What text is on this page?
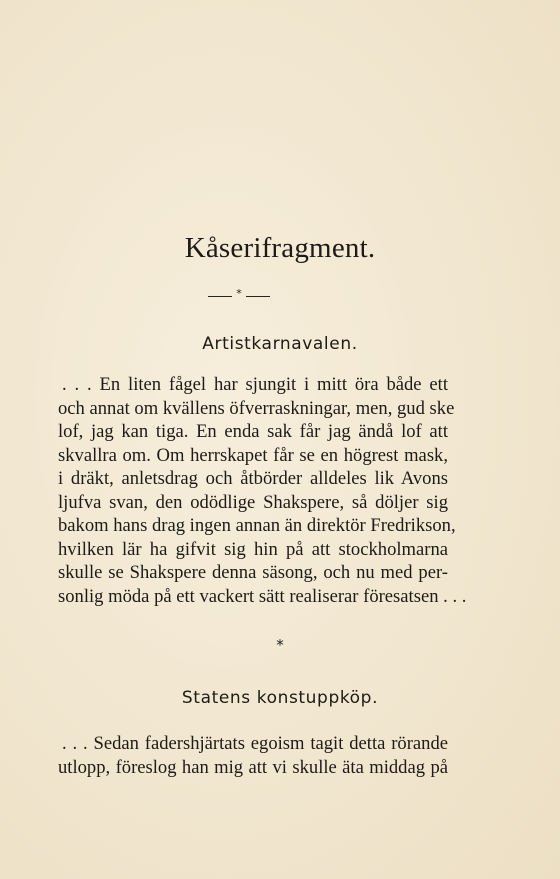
Kåserifragment.
*
Artistkarnavalen.
. . . En liten fågel har sjungit i mitt öra både ett
och annat om kvällens öfverraskningar, men, gud ske
lof, jag kan tiga. En enda sak får jag ändå lof att
skvallra om. Om herrskapet får se en högrest mask,
i dräkt, anletsdrag och åtbörder alldeles lik Avons
ljufva svan, den odödlige Shakspere, så döljer sig
bakom hans drag ingen annan än direktör Fredrikson,
hvilken lär ha gifvit sig hin på att stockholmarna
skulle se Shakspere denna säsong, och nu med per-
sonlig möda på ett vackert sätt realiserar föresatsen . . .
*
Statens konstuppköp.
. . . Sedan fadershjärtats egoism tagit detta rörande
utlopp, föreslog han mig att vi skulle äta middag på
